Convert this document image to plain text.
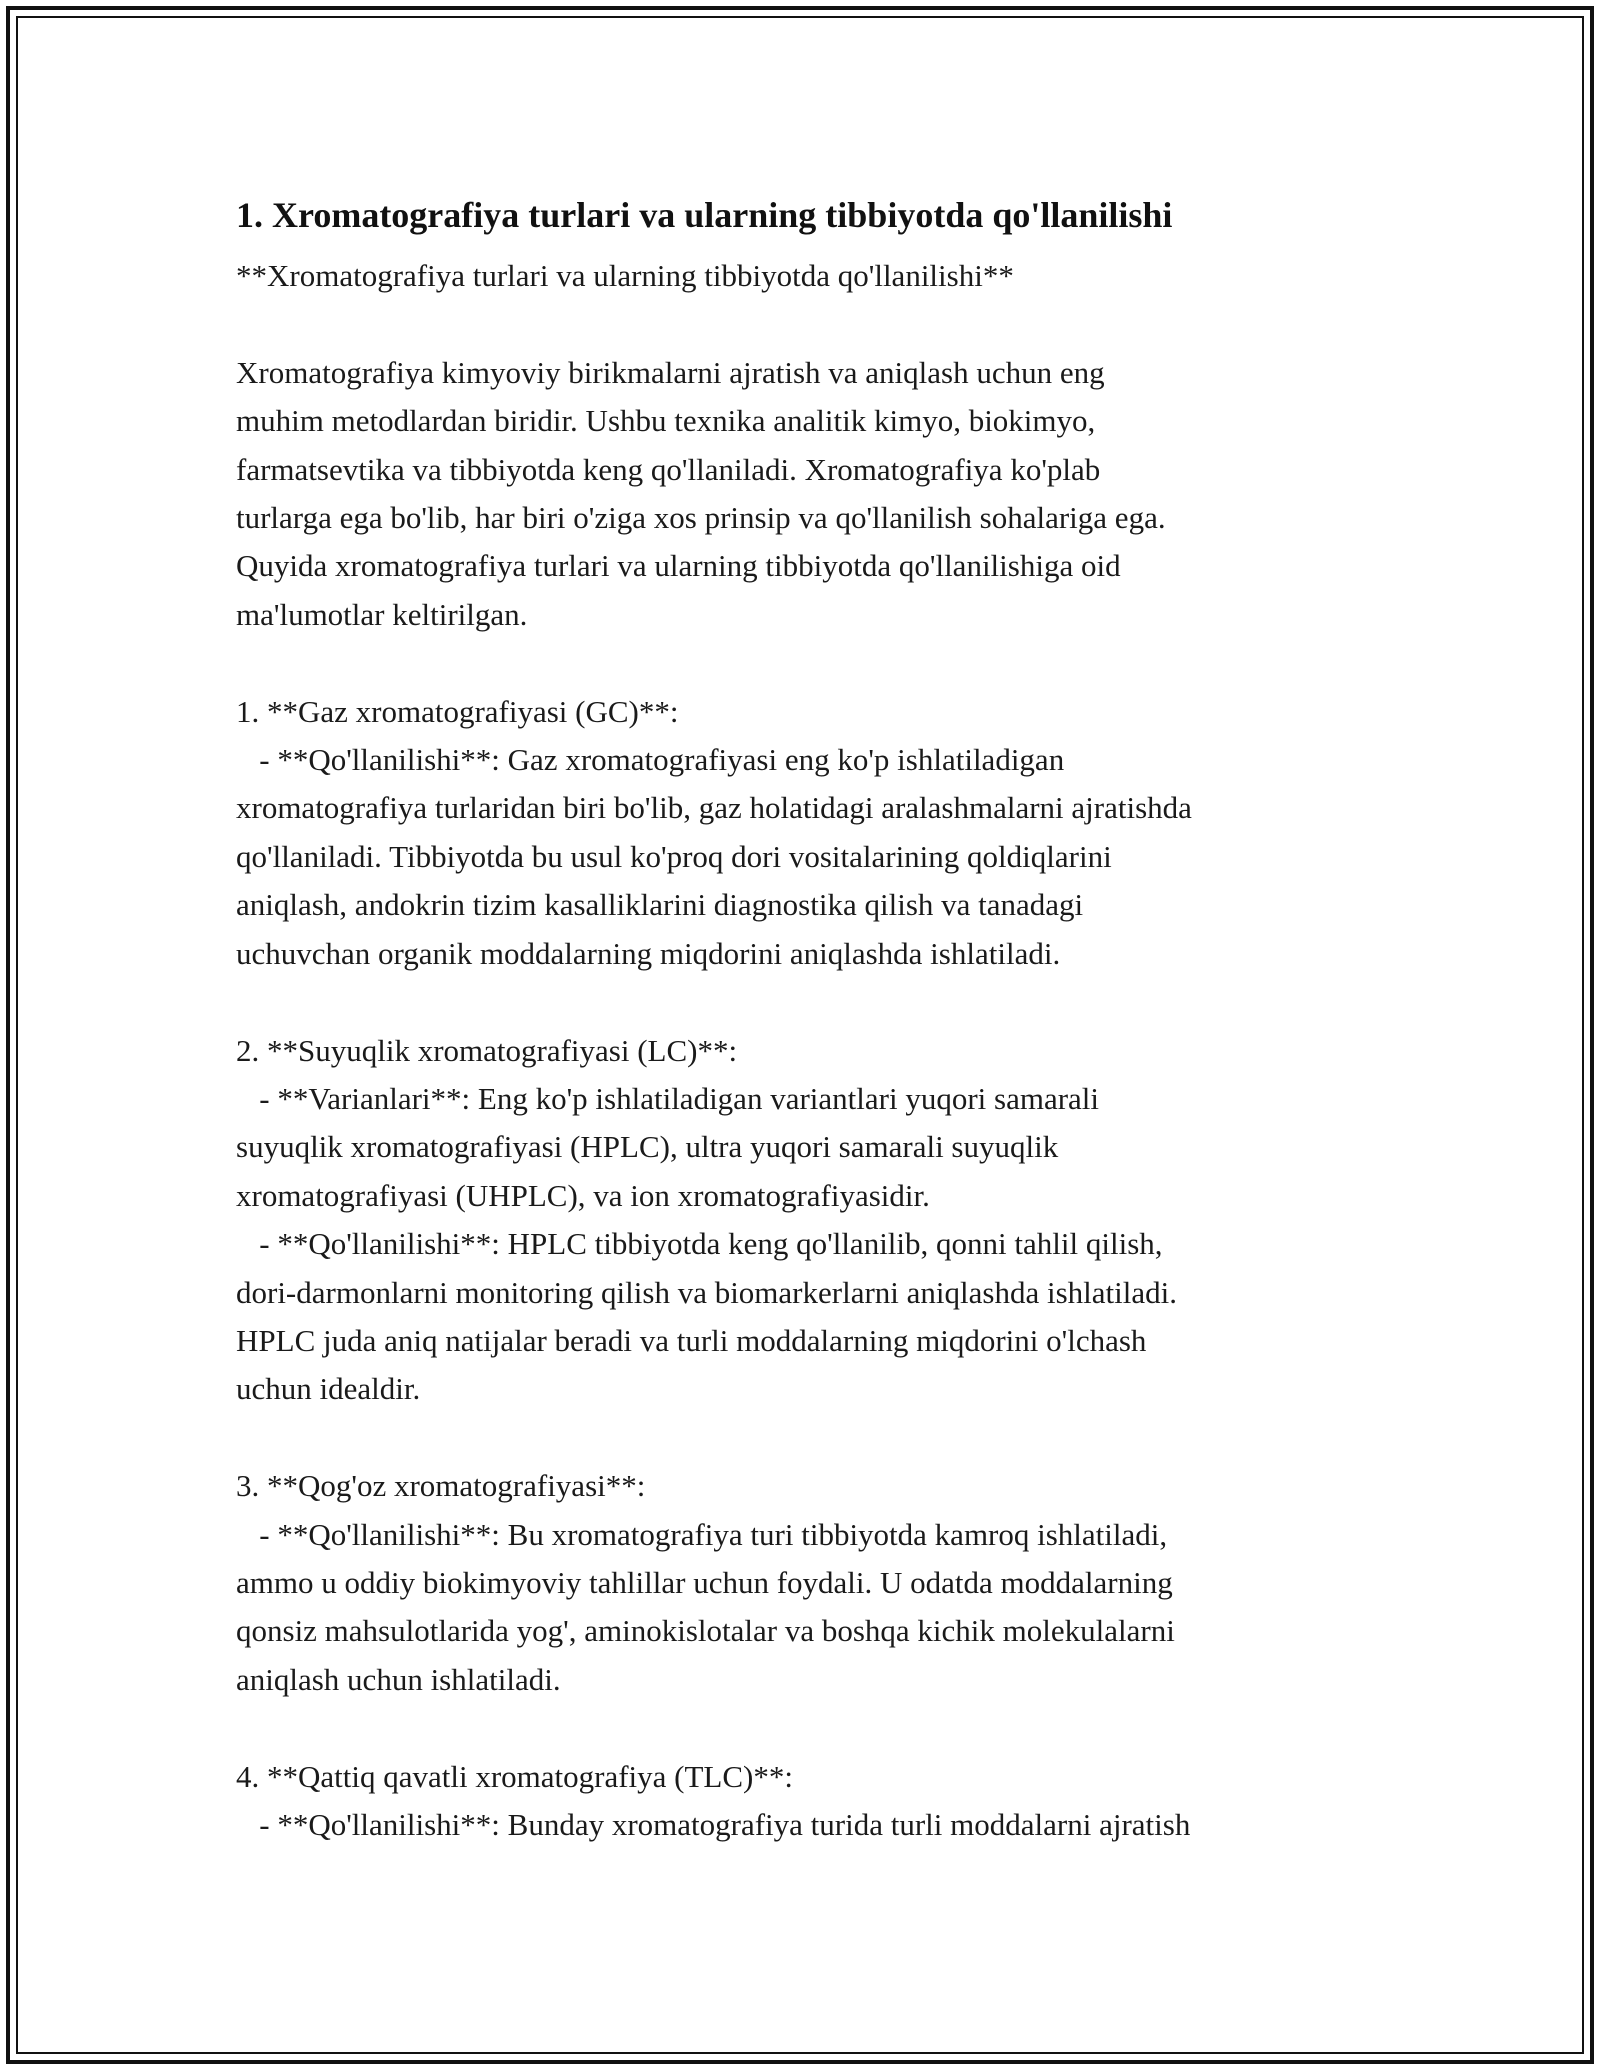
1. Xromatografiya turlari va ularning tibbiyotda qo'llanilishi

**Xromatografiya turlari va ularning tibbiyotda qo'llanilishi**

Xromatografiya kimyoviy birikmalarni ajratish va aniqlash uchun eng
muhim metodlardan biridir. Ushbu texnika analitik kimyo, biokimyo,
farmatsevtika va tibbiyotda keng qo'llaniladi. Xromatografiya ko'plab
turlarga ega bo'lib, har biri o'ziga xos prinsip va qo'llanilish sohalariga ega.
Quyida xromatografiya turlari va ularning tibbiyotda qo'llanilishiga oid
ma'lumotlar keltirilgan.

1. **Gaz xromatografiyasi (GC)**:
- **Qo'llanilishi**: Gaz xromatografiyasi eng ko'p ishlatiladigan
xromatografiya turlaridan biri bo'lib, gaz holatidagi aralashmalarni ajratishda
qo'llaniladi. Tibbiyotda bu usul ko'proq dori vositalarining qoldiqlarini
aniqlash, andokrin tizim kasalliklarini diagnostika qilish va tanadagi
uchuvchan organik moddalarning miqdorini aniqlashda ishlatiladi.

2. **Suyuqlik xromatografiyasi (LC)**:
- **Varianlari**: Eng ko'p ishlatiladigan variantlari yuqori samarali
suyuqlik xromatografiyasi (HPLC), ultra yuqori samarali suyuqlik
xromatografiyasi (UHPLC), va ion xromatografiyasidir.
- **Qo'llanilishi**: HPLC tibbiyotda keng qo'llanilib, qonni tahlil qilish,
dori-darmonlarni monitoring qilish va biomarkerlarni aniqlashda ishlatiladi.
HPLC juda aniq natijalar beradi va turli moddalarning miqdorini o'lchash
uchun idealdir.

3. **Qog'oz xromatografiyasi**:
- **Qo'llanilishi**: Bu xromatografiya turi tibbiyotda kamroq ishlatiladi,
ammo u oddiy biokimyoviy tahlillar uchun foydali. U odatda moddalarning
qonsiz mahsulotlarida yog', aminokislotalar va boshqa kichik molekulalarni
aniqlash uchun ishlatiladi.

4. **Qattiq qavatli xromatografiya (TLC)**:
- **Qo'llanilishi**: Bunday xromatografiya turida turli moddalarni ajratish
